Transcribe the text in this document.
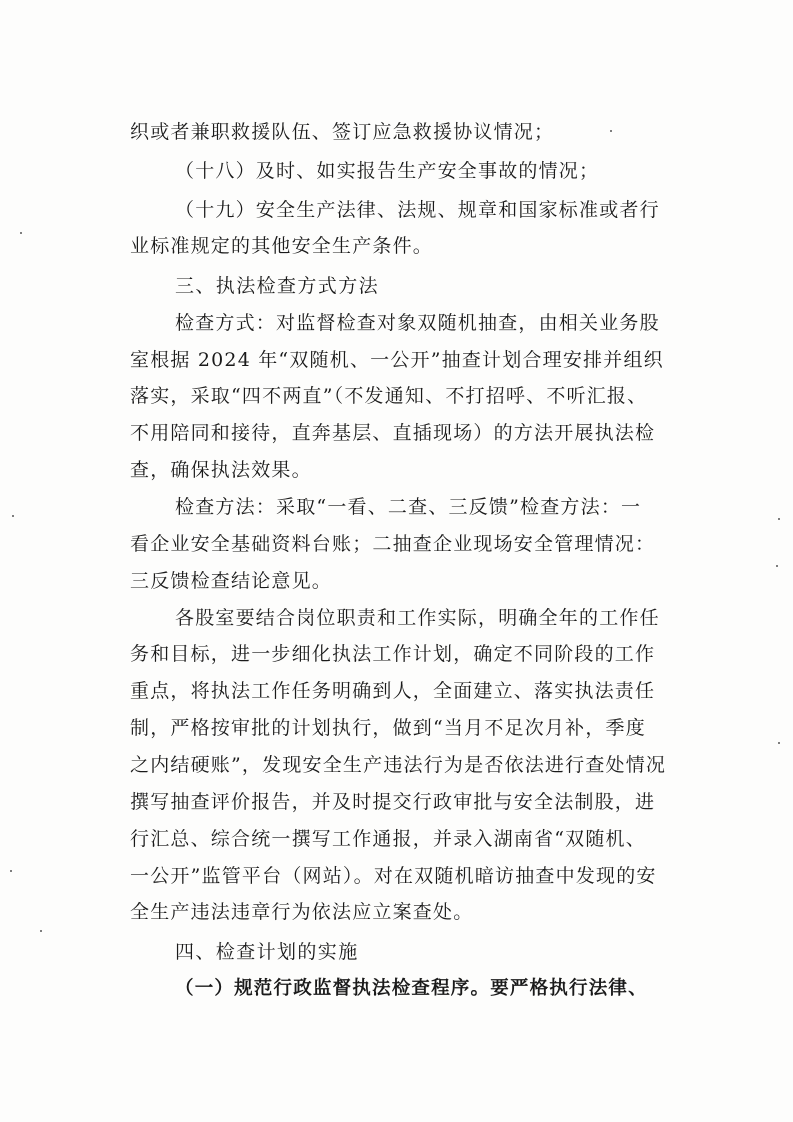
织或者兼职救援队伍、签订应急救援协议情况；
（十八）及时、如实报告生产安全事故的情况；
（十九）安全生产法律、法规、规章和国家标准或者行
业标准规定的其他安全生产条件。
三、执法检查方式方法
检查方式：对监督检查对象双随机抽查，由相关业务股
室根据 2024 年“双随机、一公开”抽查计划合理安排并组织
落实，采取“四不两直”（不发通知、不打招呼、不听汇报、
不用陪同和接待，直奔基层、直插现场）的方法开展执法检
查，确保执法效果。
检查方法：采取“一看、二查、三反馈”检查方法：一
看企业安全基础资料台账；二抽查企业现场安全管理情况：
三反馈检查结论意见。
各股室要结合岗位职责和工作实际，明确全年的工作任
务和目标，进一步细化执法工作计划，确定不同阶段的工作
重点，将执法工作任务明确到人，全面建立、落实执法责任
制，严格按审批的计划执行，做到“当月不足次月补，季度
之内结硬账”，发现安全生产违法行为是否依法进行查处情况
撰写抽查评价报告，并及时提交行政审批与安全法制股，进
行汇总、综合统一撰写工作通报，并录入湖南省“双随机、
一公开”监管平台（网站）。对在双随机暗访抽查中发现的安
全生产违法违章行为依法应立案查处。
四、检查计划的实施
（一）规范行政监督执法检查程序。要严格执行法律、
